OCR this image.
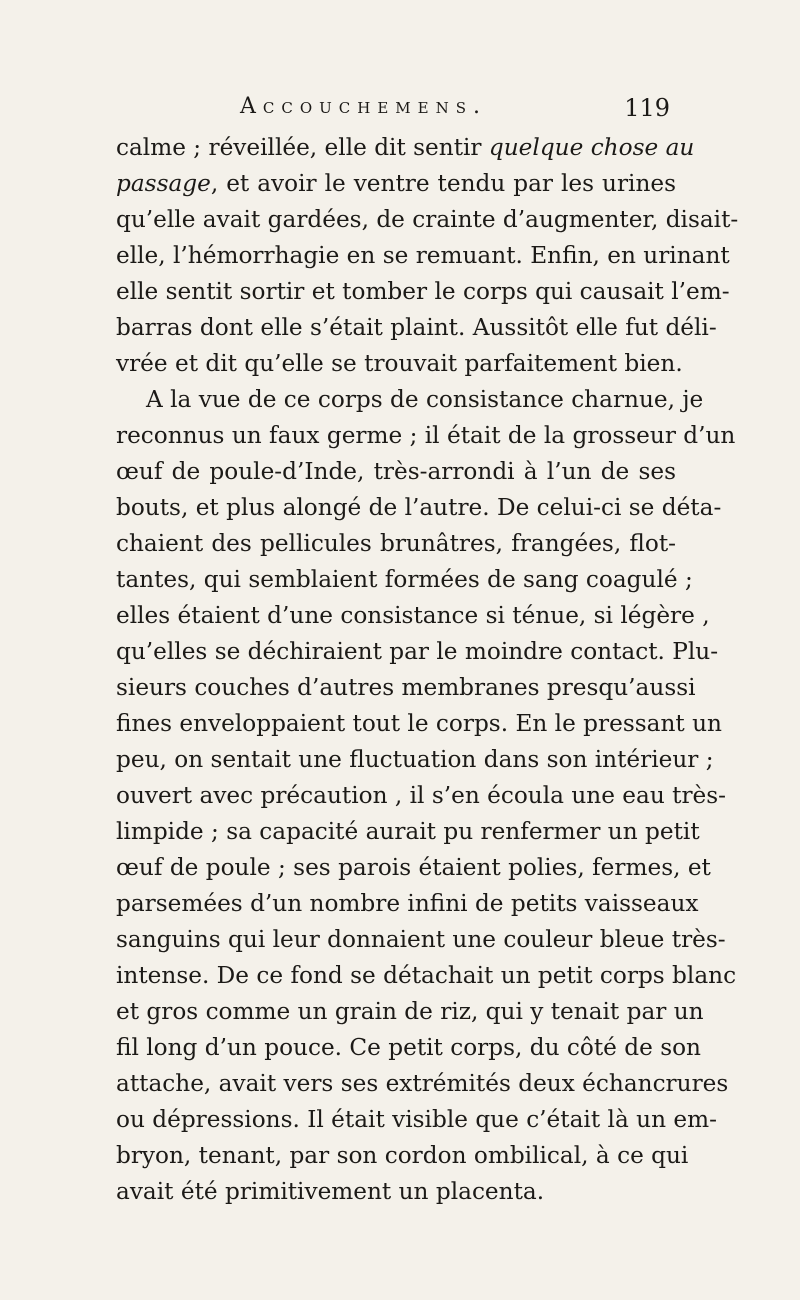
Accouchemens.	119
calme ; réveillée, elle dit sentir quelque chose au
passage, et avoir le ventre tendu par les urines
qu’elle avait gardées, de crainte d’augmenter, disait-
elle, l’hémorrhagie en se remuant. Enfin, en urinant
elle sentit sortir et tomber le corps qui causait l’em-
barras dont elle s’était plaint. Aussitôt elle fut déli-
vrée et dit qu’elle se trouvait parfaitement bien.
A la vue de ce corps de consistance charnue, je
reconnus un faux germe ; il était de la grosseur d’un
œuf de poule-d’Inde, très-arrondi à l’un de ses
bouts, et plus alongé de l’autre. De celui-ci se déta-
chaient des pellicules brunâtres, frangées, flot-
tantes, qui semblaient formées de sang coagulé ;
elles étaient d’une consistance si ténue, si légère ,
qu’elles se déchiraient par le moindre contact. Plu-
sieurs couches d’autres membranes presqu’aussi
fines enveloppaient tout le corps. En le pressant un
peu, on sentait une fluctuation dans son intérieur ;
ouvert avec précaution , il s’en écoula une eau très-
limpide ; sa capacité aurait pu renfermer un petit
œuf de poule ; ses parois étaient polies, fermes, et
parsemées d’un nombre infini de petits vaisseaux
sanguins qui leur donnaient une couleur bleue très-
intense. De ce fond se détachait un petit corps blanc
et gros comme un grain de riz, qui y tenait par un
fil long d’un pouce. Ce petit corps, du côté de son
attache, avait vers ses extrémités deux échancrures
ou dépressions. Il était visible que c’était là un em-
bryon, tenant, par son cordon ombilical, à ce qui
avait été primitivement un placenta.
